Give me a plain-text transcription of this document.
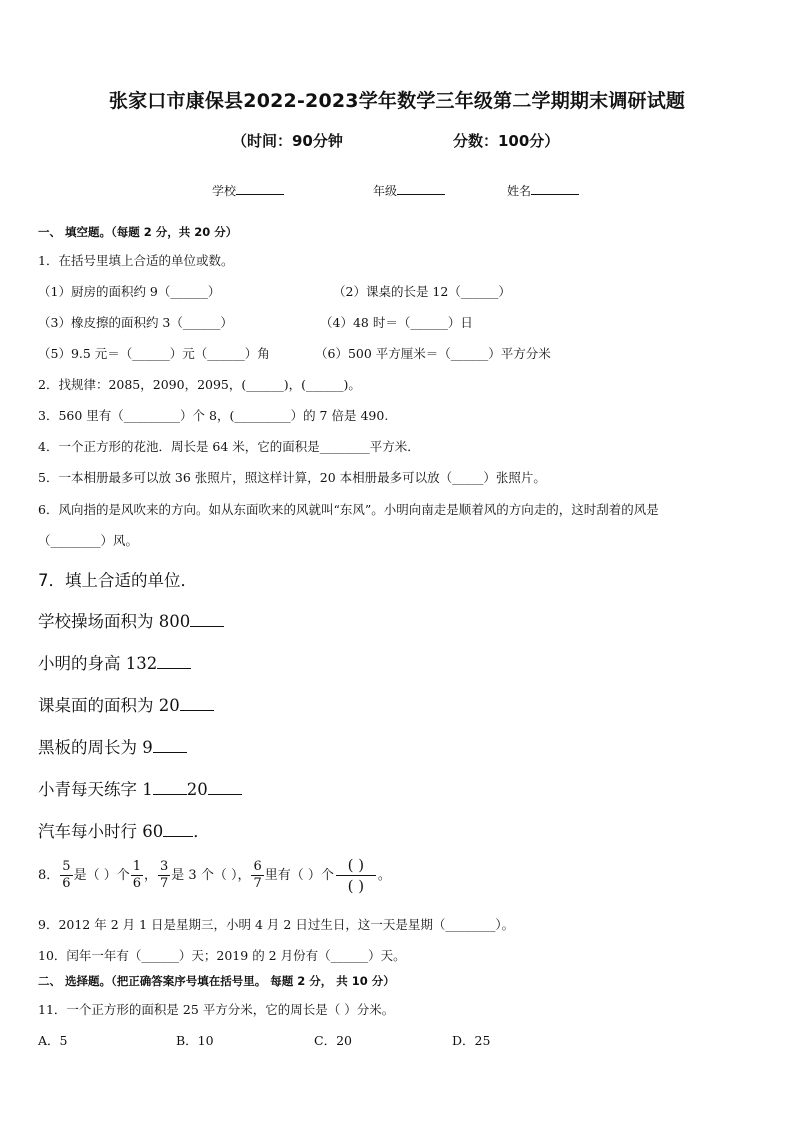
张家口市康保县2022-2023学年数学三年级第二学期期末调研试题
（时间：90分钟	分数：100分）
学校	年级	姓名
一、 填空题。（每题 2 分，共 20 分）
1．在括号里填上合适的单位或数。
（1）厨房的面积约 9（______）	（2）课桌的长是 12（______）
（3）橡皮擦的面积约 3（______）	（4）48 时＝（______）日
（5）9.5 元＝（______）元（______）角	（6）500 平方厘米＝（______）平方分米
2．找规律：2085，2090，2095，(______)，(______)。
3．560 里有（_________）个 8，(_________）的 7 倍是 490.
4．一个正方形的花池．周长是 64 米，它的面积是________平方米．
5．一本相册最多可以放 36 张照片，照这样计算，20 本相册最多可以放（_____）张照片。
6．风向指的是风吹来的方向。如从东面吹来的风就叫“东风”。小明向南走是顺着风的方向走的，这时刮着的风是
（________）风。
7．填上合适的单位．
学校操场面积为 800
小明的身高 132
课桌面的面积为 20
黑板的周长为 9
小青每天练字 1 20
汽车每小时行 60 ．
8． $\frac{5}{6}$ 是（ ）个 $\frac{1}{6}$ ， $\frac{3}{7}$ 是 3 个（ ）， $\frac{6}{7}$ 里有（ ）个
( )
( )
。
9．2012 年 2 月 1 日是星期三，小明 4 月 2 日过生日，这一天是星期（________）。
10．闰年一年有（______）天；2019 的 2 月份有（______）天。
二、 选择题。（把正确答案序号填在括号里。 每题 2 分， 共 10 分）
11．一个正方形的面积是 25 平方分米，它的周长是（ ）分米。
A．5	B．10	C．20	D．25
